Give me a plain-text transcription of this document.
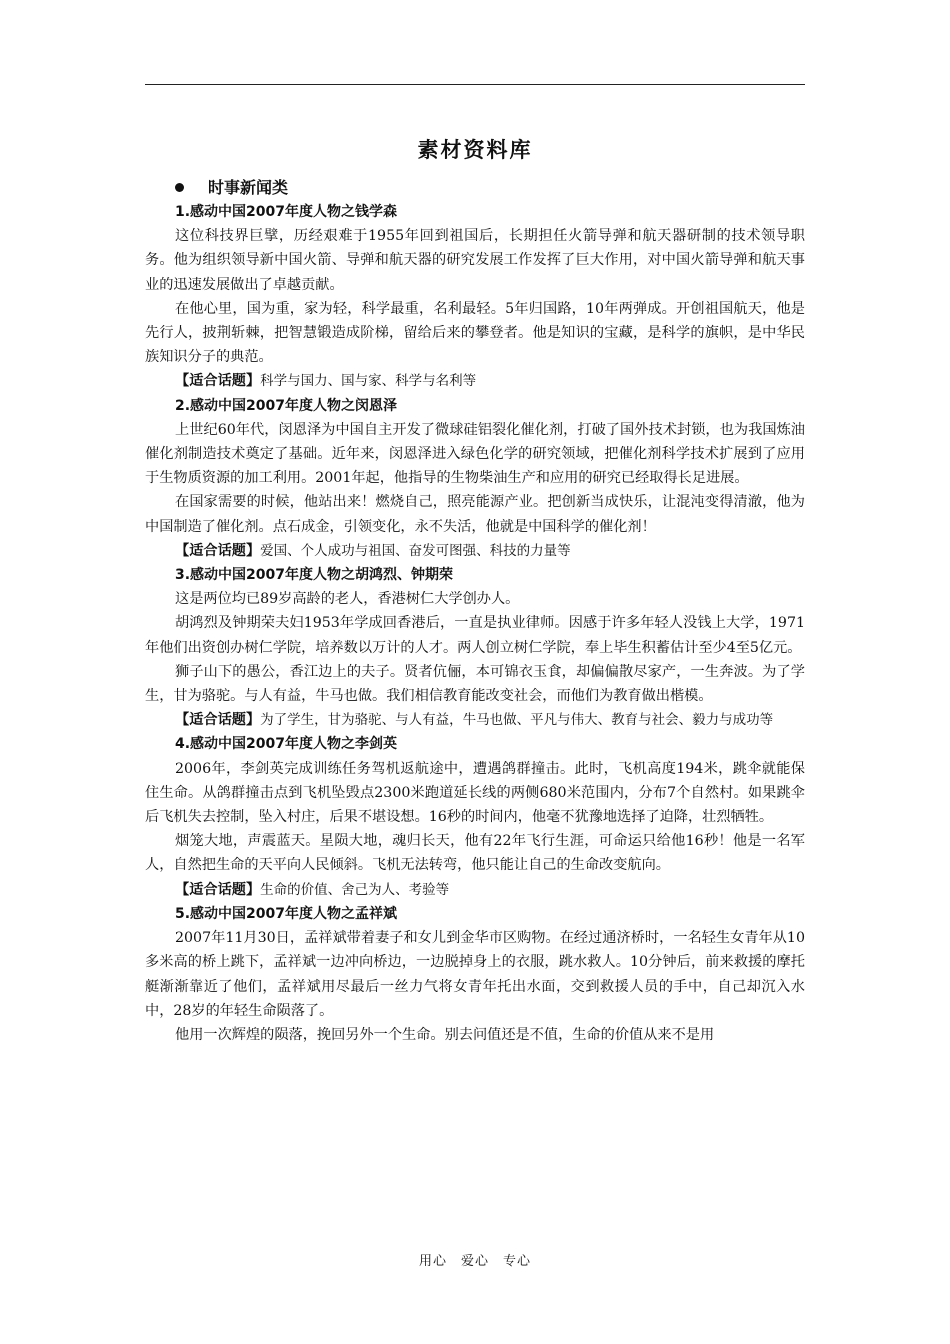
素材资料库
时事新闻类
1.感动中国2007年度人物之钱学森

这位科技界巨擘，历经艰难于1955年回到祖国后，长期担任火箭导弹和航天器研制的技术领导职务。他为组织领导新中国火箭、导弹和航天器的研究发展工作发挥了巨大作用，对中国火箭导弹和航天事业的迅速发展做出了卓越贡献。

在他心里，国为重，家为轻，科学最重，名利最轻。5年归国路，10年两弹成。开创祖国航天，他是先行人，披荆斩棘，把智慧锻造成阶梯，留给后来的攀登者。他是知识的宝藏，是科学的旗帜，是中华民族知识分子的典范。

【适合话题】科学与国力、国与家、科学与名利等

2.感动中国2007年度人物之闵恩泽

上世纪60年代，闵恩泽为中国自主开发了微球硅铝裂化催化剂，打破了国外技术封锁，也为我国炼油催化剂制造技术奠定了基础。近年来，闵恩泽进入绿色化学的研究领域，把催化剂科学技术扩展到了应用于生物质资源的加工利用。2001年起，他指导的生物柴油生产和应用的研究已经取得长足进展。

在国家需要的时候，他站出来！燃烧自己，照亮能源产业。把创新当成快乐，让混沌变得清澈，他为中国制造了催化剂。点石成金，引领变化，永不失活，他就是中国科学的催化剂！

【适合话题】爱国、个人成功与祖国、奋发可图强、科技的力量等

3.感动中国2007年度人物之胡鸿烈、钟期荣

这是两位均已89岁高龄的老人，香港树仁大学创办人。

胡鸿烈及钟期荣夫妇1953年学成回香港后，一直是执业律师。因感于许多年轻人没钱上大学，1971年他们出资创办树仁学院，培养数以万计的人才。两人创立树仁学院，奉上毕生积蓄估计至少4至5亿元。

狮子山下的愚公，香江边上的夫子。贤者伉俪，本可锦衣玉食，却偏偏散尽家产，一生奔波。为了学生，甘为骆驼。与人有益，牛马也做。我们相信教育能改变社会，而他们为教育做出楷模。

【适合话题】为了学生，甘为骆驼、与人有益，牛马也做、平凡与伟大、教育与社会、毅力与成功等

4.感动中国2007年度人物之李剑英

2006年，李剑英完成训练任务驾机返航途中，遭遇鸽群撞击。此时，飞机高度194米，跳伞就能保住生命。从鸽群撞击点到飞机坠毁点2300米跑道延长线的两侧680米范围内，分布7个自然村。如果跳伞后飞机失去控制，坠入村庄，后果不堪设想。16秒的时间内，他毫不犹豫地选择了迫降，壮烈牺牲。

烟笼大地，声震蓝天。星陨大地，魂归长天，他有22年飞行生涯，可命运只给他16秒！他是一名军人，自然把生命的天平向人民倾斜。飞机无法转弯，他只能让自己的生命改变航向。

【适合话题】生命的价值、舍己为人、考验等

5.感动中国2007年度人物之孟祥斌

2007年11月30日，孟祥斌带着妻子和女儿到金华市区购物。在经过通济桥时，一名轻生女青年从10多米高的桥上跳下，孟祥斌一边冲向桥边，一边脱掉身上的衣服，跳水救人。10分钟后，前来救援的摩托艇渐渐靠近了他们，孟祥斌用尽最后一丝力气将女青年托出水面，交到救援人员的手中，自己却沉入水中，28岁的年轻生命陨落了。

他用一次辉煌的陨落，挽回另外一个生命。别去问值还是不值，生命的价值从来不是用

用心　爱心　专心
